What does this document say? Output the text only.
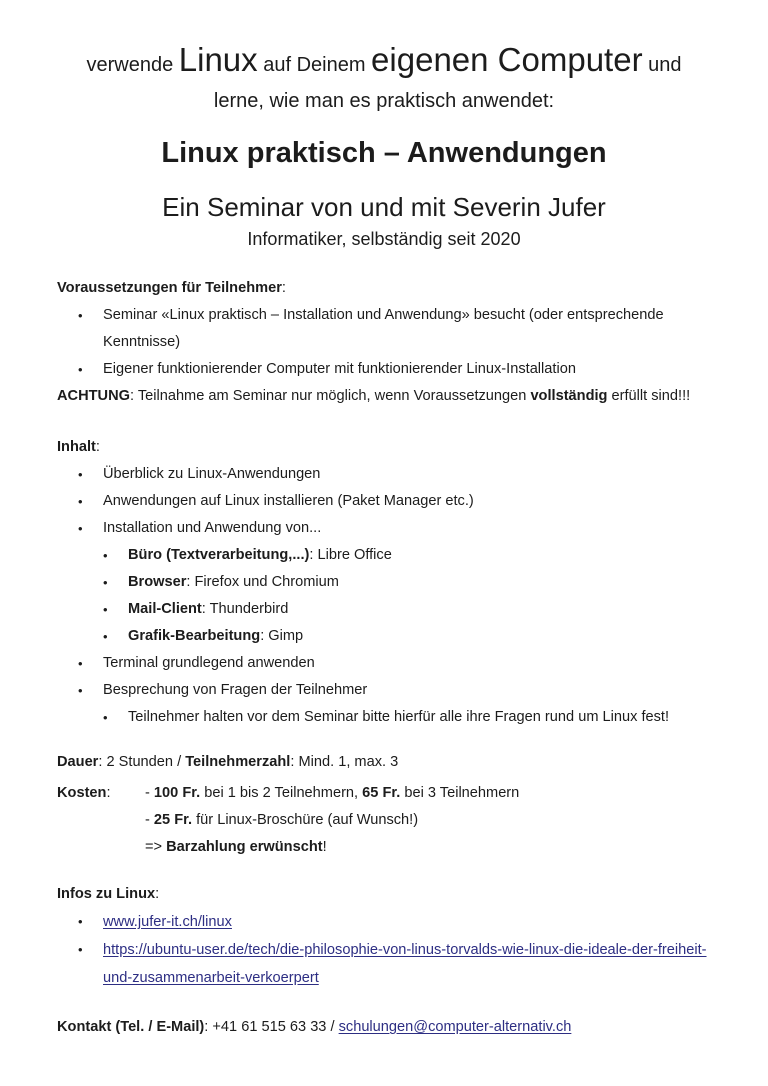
verwende Linux auf Deinem eigenen Computer und
lerne, wie man es praktisch anwendet:
Linux praktisch – Anwendungen
Ein Seminar von und mit Severin Jufer
Informatiker, selbständig seit 2020
Voraussetzungen für Teilnehmer:
•	Seminar «Linux praktisch – Installation und Anwendung» besucht (oder entsprechende Kenntnisse)
•	Eigener funktionierender Computer mit funktionierender Linux-Installation
ACHTUNG: Teilnahme am Seminar nur möglich, wenn Voraussetzungen vollständig erfüllt sind!!!
Inhalt:
•	Überblick zu Linux-Anwendungen
•	Anwendungen auf Linux installieren (Paket Manager etc.)
•	Installation und Anwendung von...
•	Büro (Textverarbeitung,...): Libre Office
•	Browser: Firefox und Chromium
•	Mail-Client: Thunderbird
•	Grafik-Bearbeitung: Gimp
•	Terminal grundlegend anwenden
•	Besprechung von Fragen der Teilnehmer
•	Teilnehmer halten vor dem Seminar bitte hierfür alle ihre Fragen rund um Linux fest!
Dauer: 2 Stunden / Teilnehmerzahl: Mind. 1, max. 3
Kosten:	- 100 Fr. bei 1 bis 2 Teilnehmern, 65 Fr. bei 3 Teilnehmern
- 25 Fr. für Linux-Broschüre (auf Wunsch!)
=> Barzahlung erwünscht!
Infos zu Linux:
•	www.jufer-it.ch/linux
•	https://ubuntu-user.de/tech/die-philosophie-von-linus-torvalds-wie-linux-die-ideale-der-freiheit-
und-zusammenarbeit-verkoerpert
Kontakt (Tel. / E-Mail): +41 61 515 63 33 / schulungen@computer-alternativ.ch
